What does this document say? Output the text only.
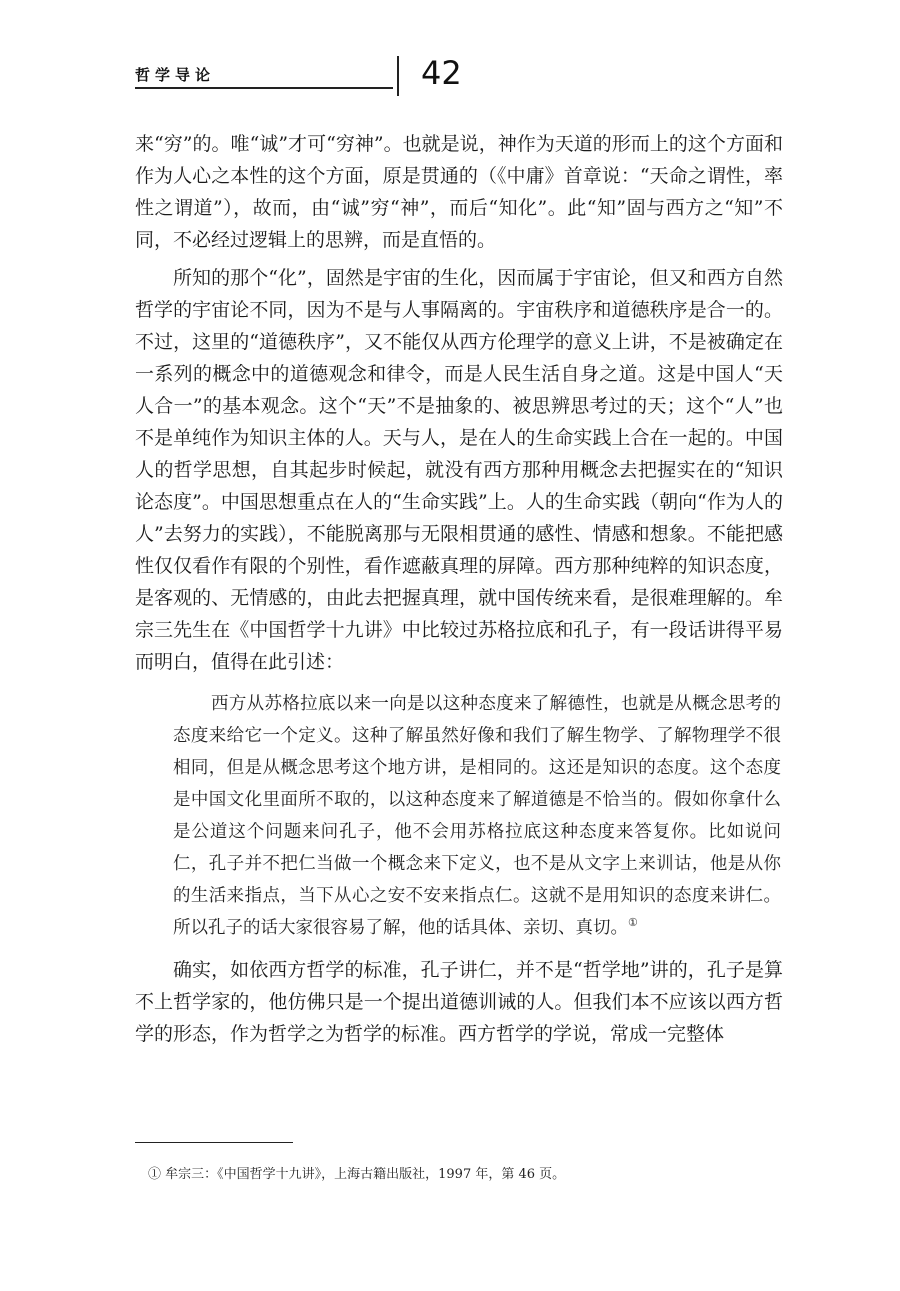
哲学导论	42

来“穷”的。唯“诚”才可“穷神”。也就是说，神作为天道的形而上的这个方面和作为人心之本性的这个方面，原是贯通的（《中庸》首章说：“天命之谓性，率性之谓道”），故而，由“诚”穷“神”，而后“知化”。此“知”固与西方之“知”不同，不必经过逻辑上的思辨，而是直悟的。

所知的那个“化”，固然是宇宙的生化，因而属于宇宙论，但又和西方自然哲学的宇宙论不同，因为不是与人事隔离的。宇宙秩序和道德秩序是合一的。不过，这里的“道德秩序”，又不能仅从西方伦理学的意义上讲，不是被确定在一系列的概念中的道德观念和律令，而是人民生活自身之道。这是中国人“天人合一”的基本观念。这个“天”不是抽象的、被思辨思考过的天；这个“人”也不是单纯作为知识主体的人。天与人，是在人的生命实践上合在一起的。中国人的哲学思想，自其起步时候起，就没有西方那种用概念去把握实在的“知识论态度”。中国思想重点在人的“生命实践”上。人的生命实践（朝向“作为人的人”去努力的实践），不能脱离那与无限相贯通的感性、情感和想象。不能把感性仅仅看作有限的个别性，看作遮蔽真理的屏障。西方那种纯粹的知识态度，是客观的、无情感的，由此去把握真理，就中国传统来看，是很难理解的。牟宗三先生在《中国哲学十九讲》中比较过苏格拉底和孔子，有一段话讲得平易而明白，值得在此引述：

西方从苏格拉底以来一向是以这种态度来了解德性，也就是从概念思考的态度来给它一个定义。这种了解虽然好像和我们了解生物学、了解物理学不很相同，但是从概念思考这个地方讲，是相同的。这还是知识的态度。这个态度是中国文化里面所不取的，以这种态度来了解道德是不恰当的。假如你拿什么是公道这个问题来问孔子，他不会用苏格拉底这种态度来答复你。比如说问仁，孔子并不把仁当做一个概念来下定义，也不是从文字上来训诂，他是从你的生活来指点，当下从心之安不安来指点仁。这就不是用知识的态度来讲仁。所以孔子的话大家很容易了解，他的话具体、亲切、真切。①

确实，如依西方哲学的标准，孔子讲仁，并不是“哲学地”讲的，孔子是算不上哲学家的，他仿佛只是一个提出道德训诫的人。但我们本不应该以西方哲学的形态，作为哲学之为哲学的标准。西方哲学的学说，常成一完整体

① 牟宗三：《中国哲学十九讲》，上海古籍出版社，1997 年，第 46 页。
